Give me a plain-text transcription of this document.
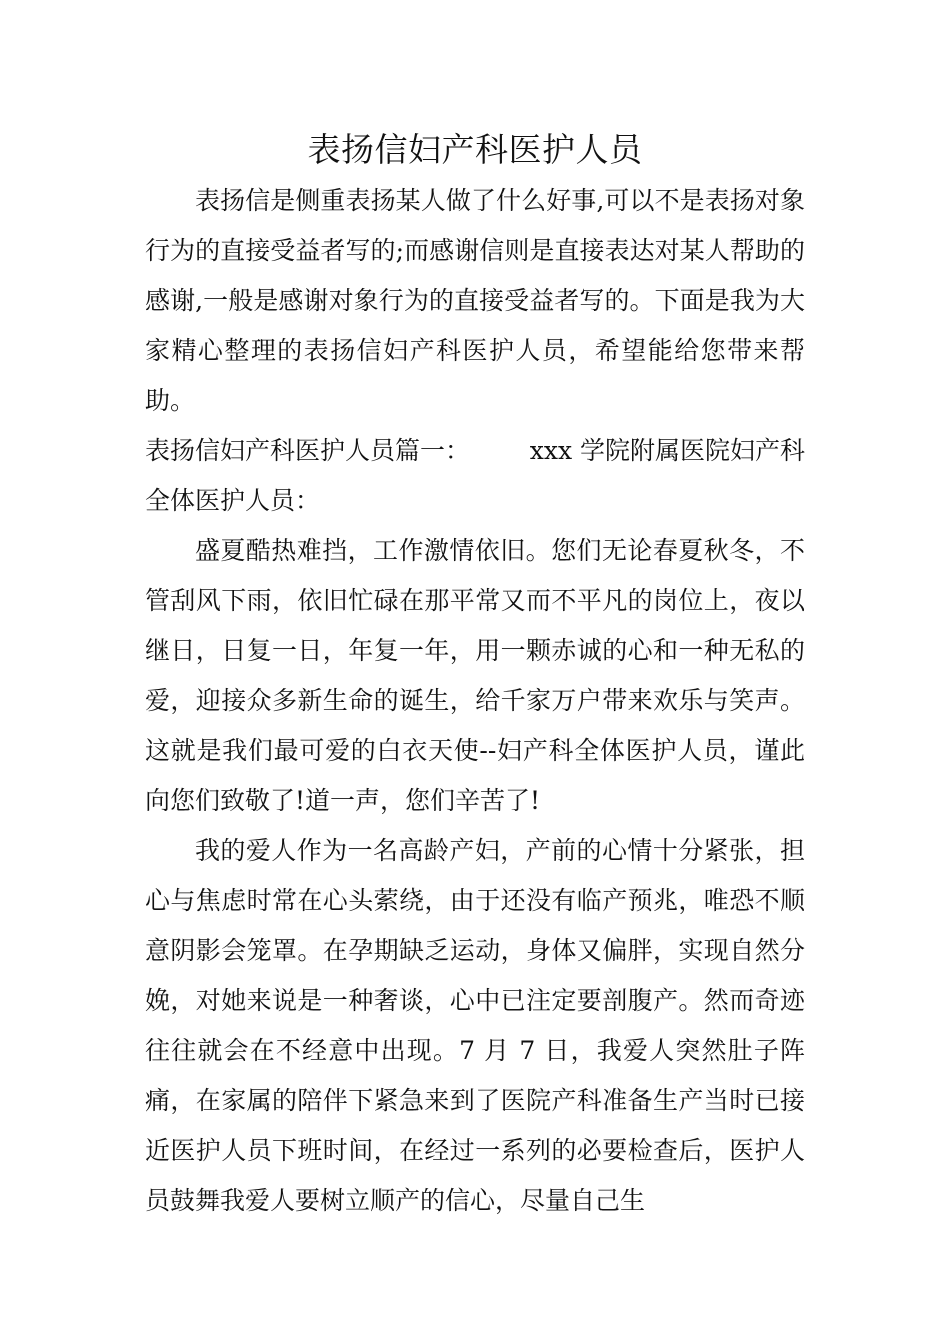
表扬信妇产科医护人员

表扬信是侧重表扬某人做了什么好事,可以不是表扬对象行为的直接受益者写的;而感谢信则是直接表达对某人帮助的感谢,一般是感谢对象行为的直接受益者写的。下面是我为大家精心整理的表扬信妇产科医护人员，希望能给您带来帮助。

表扬信妇产科医护人员篇一： xxx 学院附属医院妇产科

全体医护人员：

盛夏酷热难挡，工作激情依旧。您们无论春夏秋冬，不管刮风下雨，依旧忙碌在那平常又而不平凡的岗位上，夜以继日，日复一日，年复一年，用一颗赤诚的心和一种无私的爱，迎接众多新生命的诞生，给千家万户带来欢乐与笑声。这就是我们最可爱的白衣天使--妇产科全体医护人员，谨此向您们致敬了!道一声，您们辛苦了!

我的爱人作为一名高龄产妇，产前的心情十分紧张，担心与焦虑时常在心头萦绕，由于还没有临产预兆，唯恐不顺意阴影会笼罩。在孕期缺乏运动，身体又偏胖，实现自然分娩，对她来说是一种奢谈，心中已注定要剖腹产。然而奇迹往往就会在不经意中出现。7 月 7 日，我爱人突然肚子阵痛，在家属的陪伴下紧急来到了医院产科准备生产当时已接近医护人员下班时间，在经过一系列的必要检查后，医护人员鼓舞我爱人要树立顺产的信心，尽量自己生
